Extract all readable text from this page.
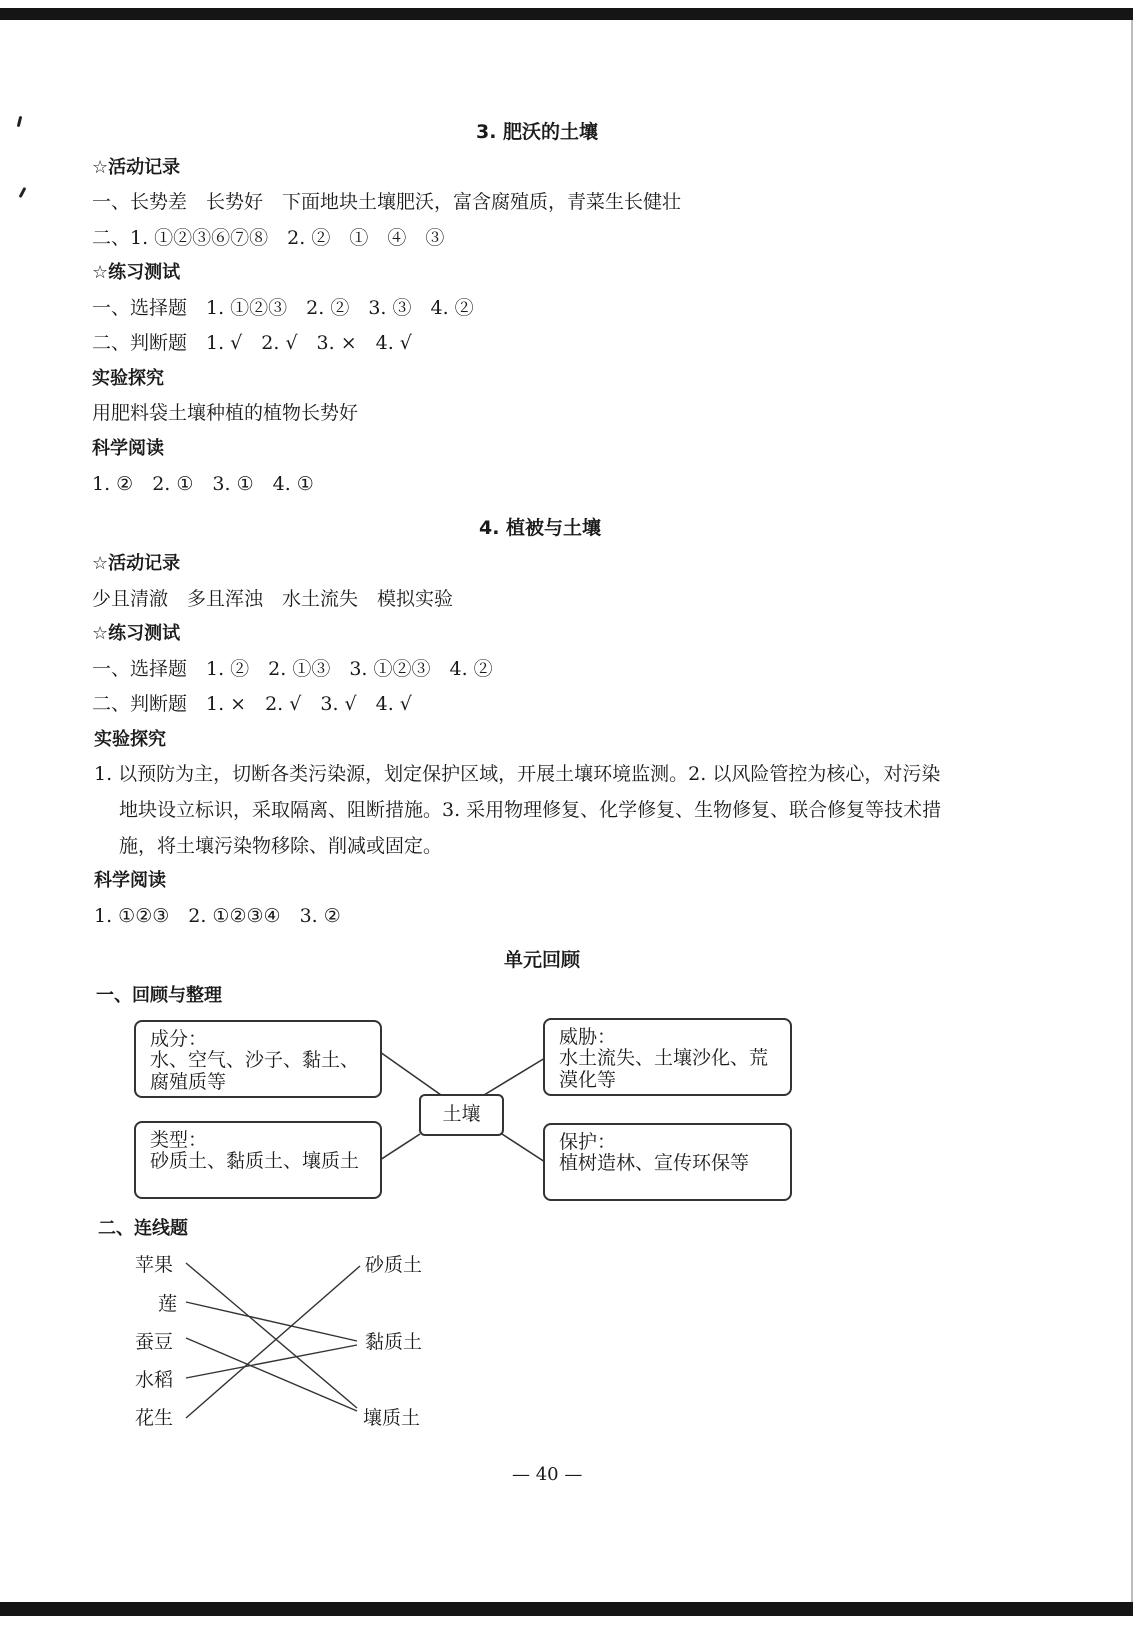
3. 肥沃的土壤
☆活动记录
一、长势差　长势好　下面地块土壤肥沃，富含腐殖质，青菜生长健壮
二、1. ①②③⑥⑦⑧　2. ②　①　④　③
☆练习测试
一、选择题　1. ①②③　2. ②　3. ③　4. ②
二、判断题　1. √　2. √　3. ×　4. √
实验探究
用肥料袋土壤种植的植物长势好
科学阅读
1. ②　2. ①　3. ①　4. ①
4. 植被与土壤
☆活动记录
少且清澈　多且浑浊　水土流失　模拟实验
☆练习测试
一、选择题　1. ②　2. ①③　3. ①②③　4. ②
二、判断题　1. ×　2. √　3. √　4. √
实验探究
1. 以预防为主，切断各类污染源，划定保护区域，开展土壤环境监测。2. 以风险管控为核心，对污染
地块设立标识，采取隔离、阻断措施。3. 采用物理修复、化学修复、生物修复、联合修复等技术措
施，将土壤污染物移除、削减或固定。
科学阅读
1. ①②③　2. ①②③④　3. ②
单元回顾
一、回顾与整理
成分：
水、空气、沙子、黏土、
腐殖质等
类型：
砂质土、黏质土、壤质土
威胁：
水土流失、土壤沙化、荒
漠化等
保护：
植树造林、宣传环保等
土壤
二、连线题
苹果
莲
蚕豆
水稻
花生
砂质土
黏质土
壤质土
— 40 —
